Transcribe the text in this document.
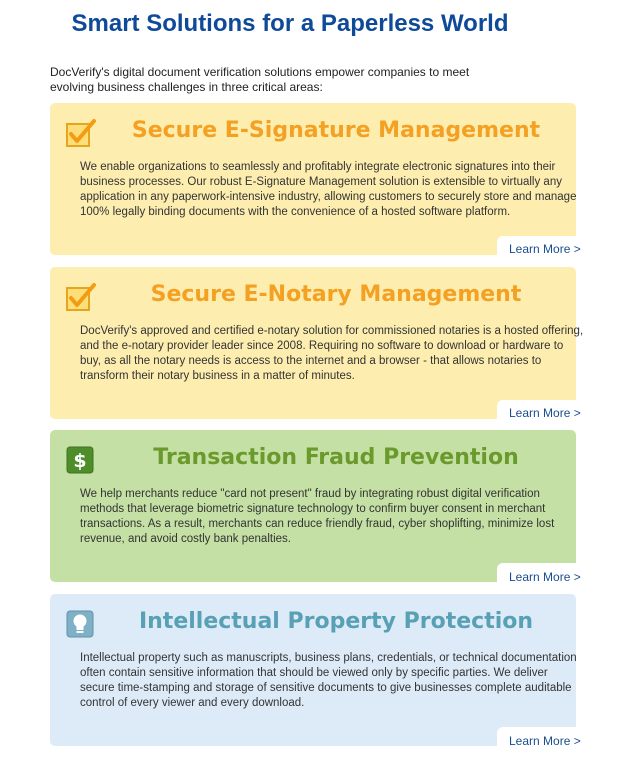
Smart Solutions for a Paperless World

DocVerify's digital document verification solutions empower companies to meet evolving business challenges in three critical areas:

Secure E-Signature Management

We enable organizations to seamlessly and profitably integrate electronic signatures into their business processes. Our robust E-Signature Management solution is extensible to virtually any application in any paperwork-intensive industry, allowing customers to securely store and manage 100% legally binding documents with the convenience of a hosted software platform.

Learn More >
Secure E-Notary Management

DocVerify's approved and certified e-notary solution for commissioned notaries is a hosted offering, and the e-notary provider leader since 2008. Requiring no software to download or hardware to buy, as all the notary needs is access to the internet and a browser - that allows notaries to transform their notary business in a matter of minutes.

Learn More >
$	Transaction Fraud Prevention

We help merchants reduce "card not present" fraud by integrating robust digital verification methods that leverage biometric signature technology to confirm buyer consent in merchant transactions. As a result, merchants can reduce friendly fraud, cyber shoplifting, minimize lost revenue, and avoid costly bank penalties.

Learn More >
Intellectual Property Protection

Intellectual property such as manuscripts, business plans, credentials, or technical documentation often contain sensitive information that should be viewed only by specific parties. We deliver secure time-stamping and storage of sensitive documents to give businesses complete auditable control of every viewer and every download.

Learn More >
